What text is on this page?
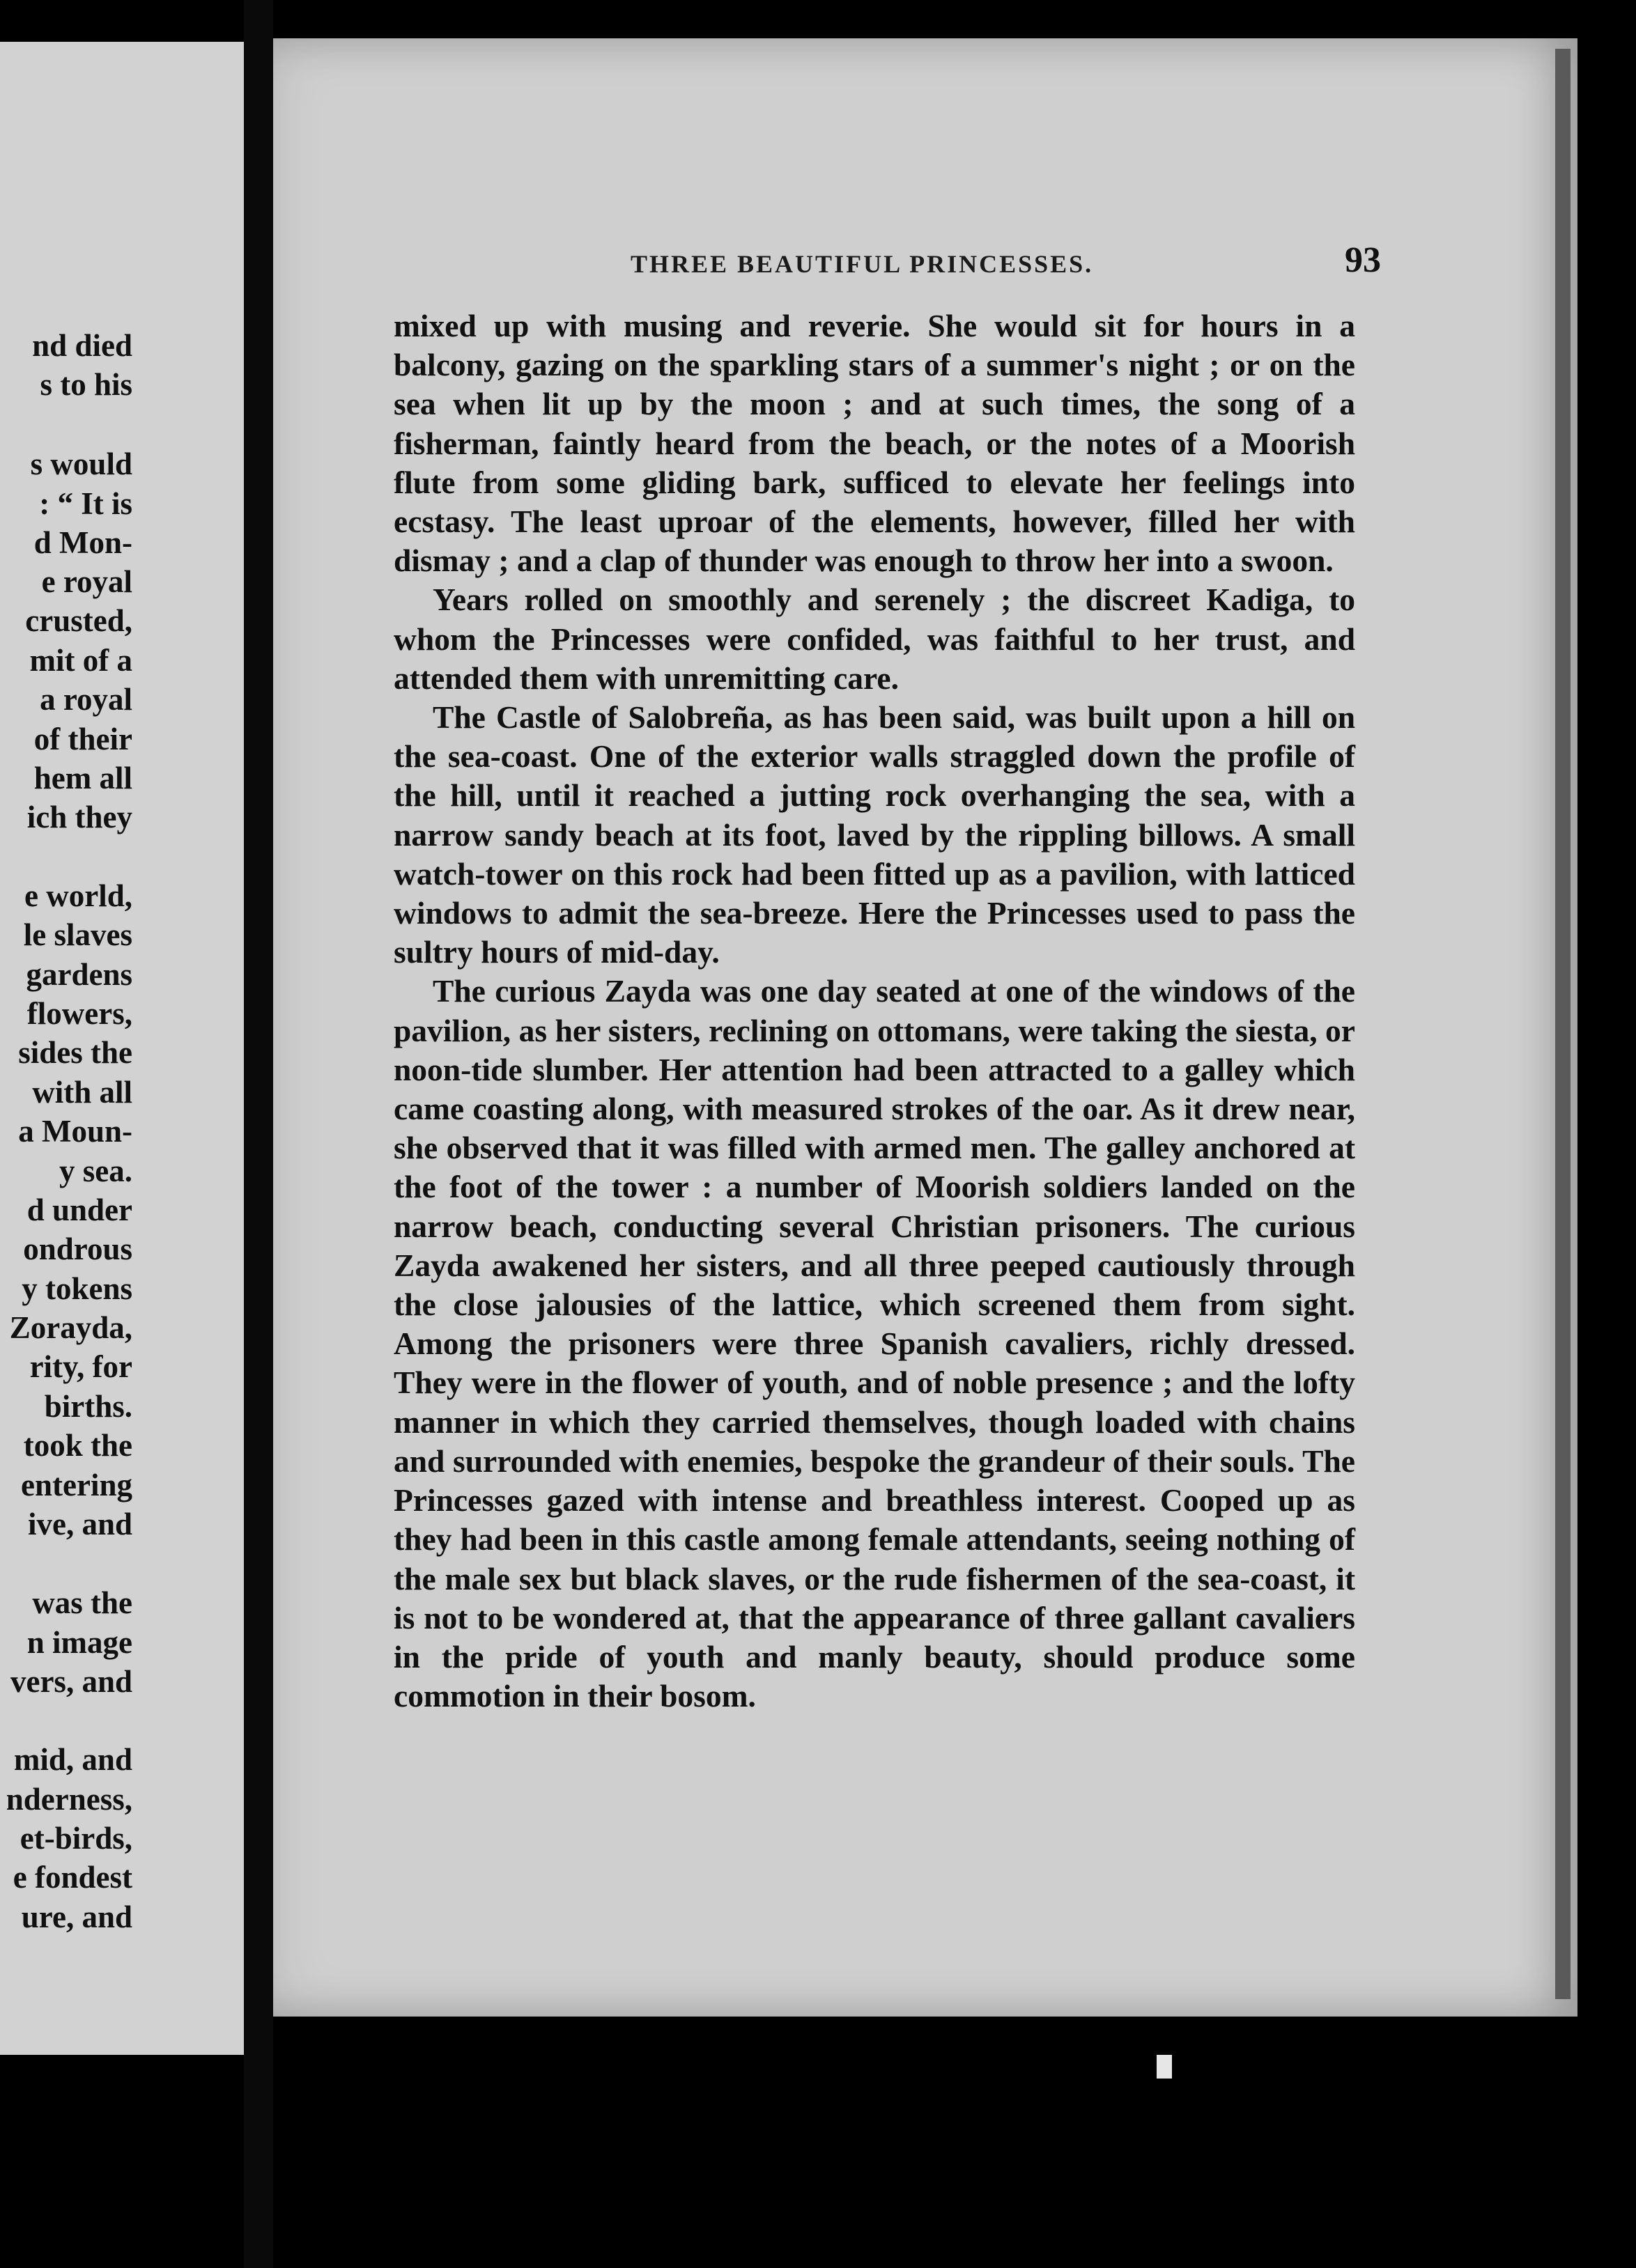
nd died
s to his
s would
: “ It is
d Mon-
e royal
crusted,
mit of a
a royal
of their
hem all
ich they
e world,
le slaves
gardens
flowers,
sides the
with all
a Moun-
y sea.
d under
ondrous
y tokens
Zorayda,
rity, for
births.
took the
entering
ive, and
was the
n image
vers, and
mid, and
nderness,
et-birds,
e fondest
ure, and
THREE BEAUTIFUL PRINCESSES.	93

mixed up with musing and reverie. She would sit for hours in a balcony, gazing on the sparkling stars of a summer's night ; or on the sea when lit up by the moon ; and at such times, the song of a fisherman, faintly heard from the beach, or the notes of a Moorish flute from some gliding bark, sufficed to elevate her feelings into ecstasy. The least uproar of the elements, however, filled her with dismay ; and a clap of thunder was enough to throw her into a swoon.

Years rolled on smoothly and serenely ; the discreet Kadiga, to whom the Princesses were confided, was faithful to her trust, and attended them with unremitting care.

The Castle of Salobreña, as has been said, was built upon a hill on the sea-coast. One of the exterior walls straggled down the profile of the hill, until it reached a jutting rock overhanging the sea, with a narrow sandy beach at its foot, laved by the rippling billows. A small watch-tower on this rock had been fitted up as a pavilion, with latticed windows to admit the sea-breeze. Here the Princesses used to pass the sultry hours of mid-day.

The curious Zayda was one day seated at one of the windows of the pavilion, as her sisters, reclining on ottomans, were taking the siesta, or noon-tide slumber. Her attention had been attracted to a galley which came coasting along, with measured strokes of the oar. As it drew near, she observed that it was filled with armed men. The galley anchored at the foot of the tower : a number of Moorish soldiers landed on the narrow beach, conducting several Christian prisoners. The curious Zayda awakened her sisters, and all three peeped cautiously through the close jalousies of the lattice, which screened them from sight. Among the prisoners were three Spanish cavaliers, richly dressed. They were in the flower of youth, and of noble presence ; and the lofty manner in which they carried themselves, though loaded with chains and surrounded with enemies, bespoke the grandeur of their souls. The Princesses gazed with intense and breathless interest. Cooped up as they had been in this castle among female attendants, seeing nothing of the male sex but black slaves, or the rude fishermen of the sea-coast, it is not to be wondered at, that the appearance of three gallant cavaliers in the pride of youth and manly beauty, should produce some commotion in their bosom.
